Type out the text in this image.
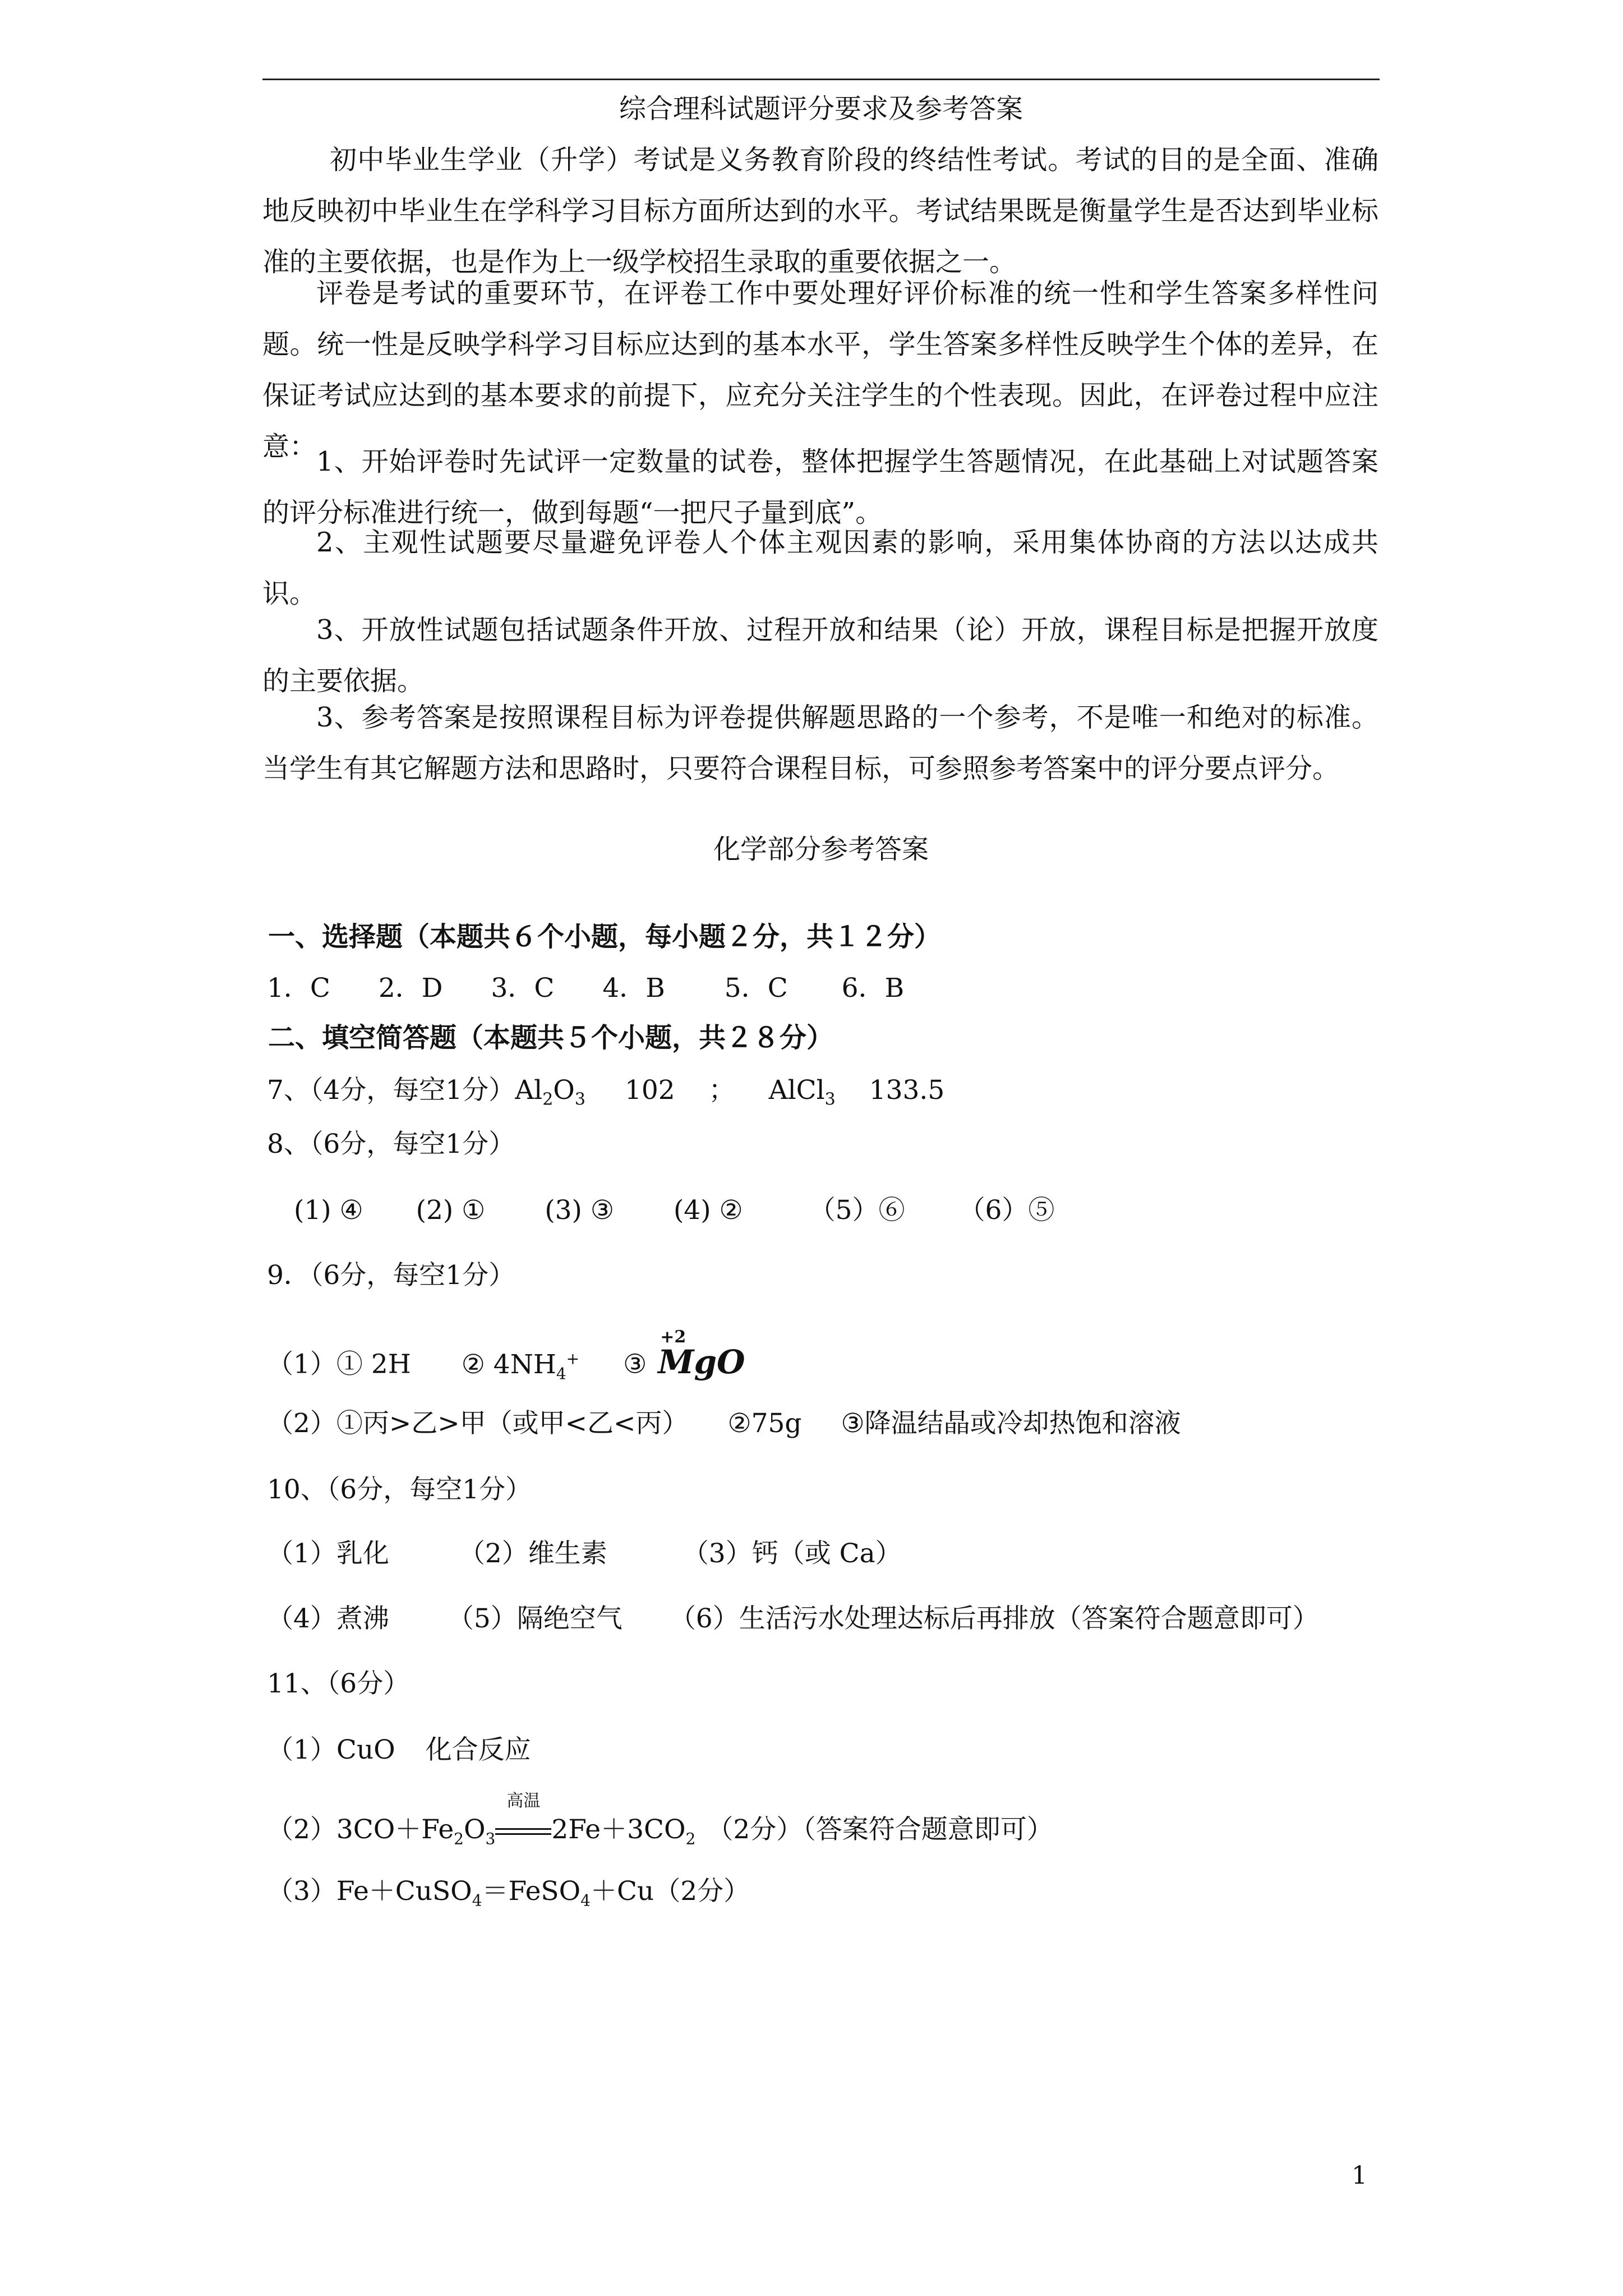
综合理科试题评分要求及参考答案
初中毕业生学业（升学）考试是义务教育阶段的终结性考试。考试的目的是全面、准确地反映初中毕业生在学科学习目标方面所达到的水平。考试结果既是衡量学生是否达到毕业标准的主要依据，也是作为上一级学校招生录取的重要依据之一。
评卷是考试的重要环节，在评卷工作中要处理好评价标准的统一性和学生答案多样性问题。统一性是反映学科学习目标应达到的基本水平，学生答案多样性反映学生个体的差异，在保证考试应达到的基本要求的前提下，应充分关注学生的个性表现。因此，在评卷过程中应注意： 1、开始评卷时先试评一定数量的试卷，整体把握学生答题情况，在此基础上对试题答案的评分标准进行统一，做到每题“一把尺子量到底”。
2、主观性试题要尽量避免评卷人个体主观因素的影响，采用集体协商的方法以达成共识。
3、开放性试题包括试题条件开放、过程开放和结果（论）开放，课程目标是把握开放度的主要依据。
3、参考答案是按照课程目标为评卷提供解题思路的一个参考，不是唯一和绝对的标准。当学生有其它解题方法和思路时，只要符合课程目标，可参照参考答案中的评分要点评分。
化学部分参考答案
一、选择题（本题共６个小题，每小题２分，共１２分）
1．C 2．D 3．C 4．B 5．C 6．B
二、填空简答题（本题共５个小题，共２８分）
7、（4分，每空1分）$Al_2O_3$ 102 ； AlCl$_3$ 133.5
8、（6分，每空1分）
(1) ④ (2) ① (3) ③ (4) ②	（5）⑥ （6）⑤
9．（6分，每空1分）
（1）① 2H ② $4NH_4^+$ ③
+2
MgO
（2）①丙>乙>甲（或甲<乙<丙） ②75g ③降温结晶或冷却热饱和溶液
10、（6分，每空1分）
（1）乳化	（2）维生素	（3）钙（或 Ca）
（4）煮沸 （5）隔绝空气 （6）生活污水处理达标后再排放（答案符合题意即可）
11、（6分）
（1）CuO 化合反应
$(2)3CO+Fe_2O_3$
高温
$2Fe+3CO_2$ （2分）（答案符合题意即可）
（3）Fe＋CuSO$_4$＝FeSO$_4$＋Cu（2分）
1
